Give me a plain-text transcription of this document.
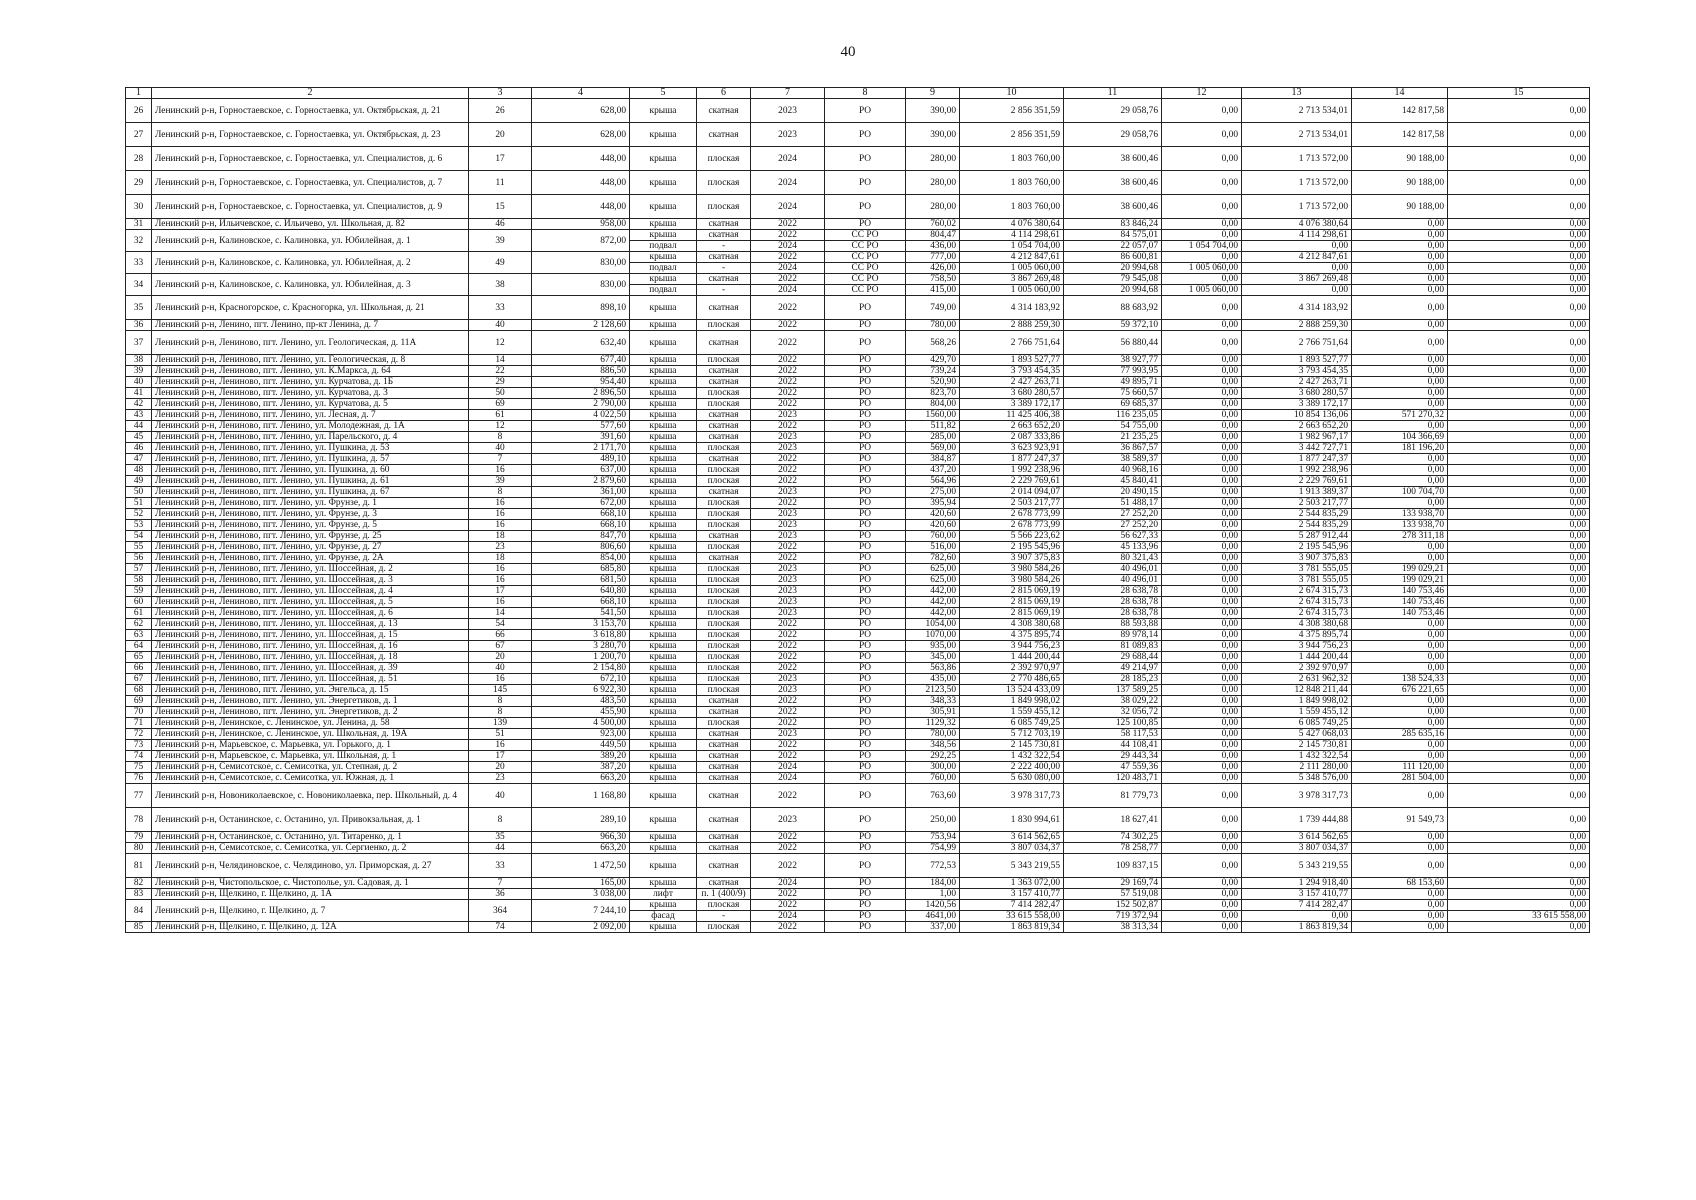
40
1	2	3	4	5	6	7	8	9	10	11	12	13	14	15
26	Ленинский р-н, Горностаевское, с. Горностаевка, ул. Октябрьская, д. 21	26	628,00	крыша	скатная	2023	РО	390,00	2 856 351,59	29 058,76	0,00	2 713 534,01	142 817,58	0,00
27	Ленинский р-н, Горностаевское, с. Горностаевка, ул. Октябрьская, д. 23	20	628,00	крыша	скатная	2023	РО	390,00	2 856 351,59	29 058,76	0,00	2 713 534,01	142 817,58	0,00
28	Ленинский р-н, Горностаевское, с. Горностаевка, ул. Специалистов, д. 6	17	448,00	крыша	плоская	2024	РО	280,00	1 803 760,00	38 600,46	0,00	1 713 572,00	90 188,00	0,00
29	Ленинский р-н, Горностаевское, с. Горностаевка, ул. Специалистов, д. 7	11	448,00	крыша	плоская	2024	РО	280,00	1 803 760,00	38 600,46	0,00	1 713 572,00	90 188,00	0,00
30	Ленинский р-н, Горностаевское, с. Горностаевка, ул. Специалистов, д. 9	15	448,00	крыша	плоская	2024	РО	280,00	1 803 760,00	38 600,46	0,00	1 713 572,00	90 188,00	0,00
31	Ленинский р-н, Ильичевское, с. Ильичево, ул. Школьная, д. 82	46	958,00	крыша	скатная	2022	РО	760,02	4 076 380,64	83 846,24	0,00	4 076 380,64	0,00	0,00
32	Ленинский р-н, Калиновское, с. Калиновка, ул. Юбилейная, д. 1	39	872,00	крыша	скатная	2022	СС РО	804,47	4 114 298,61	84 575,01	0,00	4 114 298,61	0,00	0,00
				подвал	-	2024	СС РО	436,00	1 054 704,00	22 057,07	1 054 704,00	0,00	0,00	0,00
33	Ленинский р-н, Калиновское, с. Калиновка, ул. Юбилейная, д. 2	49	830,00	крыша	скатная	2022	СС РО	777,00	4 212 847,61	86 600,81	0,00	4 212 847,61	0,00	0,00
				подвал	-	2024	СС РО	426,00	1 005 060,00	20 994,68	1 005 060,00	0,00	0,00	0,00
34	Ленинский р-н, Калиновское, с. Калиновка, ул. Юбилейная, д. 3	38	830,00	крыша	скатная	2022	СС РО	758,50	3 867 269,48	79 545,08	0,00	3 867 269,48	0,00	0,00
				подвал	-	2024	СС РО	415,00	1 005 060,00	20 994,68	1 005 060,00	0,00	0,00	0,00
35	Ленинский р-н, Красногорское, с. Красногорка, ул. Школьная, д. 21	33	898,10	крыша	скатная	2022	РО	749,00	4 314 183,92	88 683,92	0,00	4 314 183,92	0,00	0,00
36	Ленинский р-н, Ленино, пгт. Ленино, пр-кт Ленина, д. 7	40	2 128,60	крыша	плоская	2022	РО	780,00	2 888 259,30	59 372,10	0,00	2 888 259,30	0,00	0,00
37	Ленинский р-н, Лениново, пгт. Ленино, ул. Геологическая, д. 11А	12	632,40	крыша	скатная	2022	РО	568,26	2 766 751,64	56 880,44	0,00	2 766 751,64	0,00	0,00
38	Ленинский р-н, Лениново, пгт. Ленино, ул. Геологическая, д. 8	14	677,40	крыша	плоская	2022	РО	429,70	1 893 527,77	38 927,77	0,00	1 893 527,77	0,00	0,00
39	Ленинский р-н, Лениново, пгт. Ленино, ул. К.Маркса, д. 64	22	886,50	крыша	скатная	2022	РО	739,24	3 793 454,35	77 993,95	0,00	3 793 454,35	0,00	0,00
40	Ленинский р-н, Лениново, пгт. Ленино, ул. Курчатова, д. 1Б	29	954,40	крыша	скатная	2022	РО	520,90	2 427 263,71	49 895,71	0,00	2 427 263,71	0,00	0,00
41	Ленинский р-н, Лениново, пгт. Ленино, ул. Курчатова, д. 3	50	2 896,50	крыша	плоская	2022	РО	823,70	3 680 280,57	75 660,57	0,00	3 680 280,57	0,00	0,00
42	Ленинский р-н, Лениново, пгт. Ленино, ул. Курчатова, д. 5	69	2 790,00	крыша	плоская	2022	РО	804,00	3 389 172,17	69 685,37	0,00	3 389 172,17	0,00	0,00
43	Ленинский р-н, Лениново, пгт. Ленино, ул. Лесная, д. 7	61	4 022,50	крыша	скатная	2023	РО	1560,00	11 425 406,38	116 235,05	0,00	10 854 136,06	571 270,32	0,00
44	Ленинский р-н, Лениново, пгт. Ленино, ул. Молодежная, д. 1А	12	577,60	крыша	скатная	2022	РО	511,82	2 663 652,20	54 755,00	0,00	2 663 652,20	0,00	0,00
45	Ленинский р-н, Лениново, пгт. Ленино, ул. Парельского, д. 4	8	391,60	крыша	скатная	2023	РО	285,00	2 087 333,86	21 235,25	0,00	1 982 967,17	104 366,69	0,00
46	Ленинский р-н, Лениново, пгт. Ленино, ул. Пушкина, д. 53	40	2 171,70	крыша	плоская	2023	РО	569,00	3 623 923,91	36 867,57	0,00	3 442 727,71	181 196,20	0,00
47	Ленинский р-н, Лениново, пгт. Ленино, ул. Пушкина, д. 57	7	489,10	крыша	скатная	2022	РО	384,87	1 877 247,37	38 589,37	0,00	1 877 247,37	0,00	0,00
48	Ленинский р-н, Лениново, пгт. Ленино, ул. Пушкина, д. 60	16	637,00	крыша	плоская	2022	РО	437,20	1 992 238,96	40 968,16	0,00	1 992 238,96	0,00	0,00
49	Ленинский р-н, Лениново, пгт. Ленино, ул. Пушкина, д. 61	39	2 879,60	крыша	плоская	2022	РО	564,96	2 229 769,61	45 840,41	0,00	2 229 769,61	0,00	0,00
50	Ленинский р-н, Лениново, пгт. Ленино, ул. Пушкина, д. 67	8	361,00	крыша	скатная	2023	РО	275,00	2 014 094,07	20 490,15	0,00	1 913 389,37	100 704,70	0,00
51	Ленинский р-н, Лениново, пгт. Ленино, ул. Фрунзе, д. 1	16	672,00	крыша	плоская	2022	РО	395,94	2 503 217,77	51 488,17	0,00	2 503 217,77	0,00	0,00
52	Ленинский р-н, Лениново, пгт. Ленино, ул. Фрунзе, д. 3	16	668,10	крыша	плоская	2023	РО	420,60	2 678 773,99	27 252,20	0,00	2 544 835,29	133 938,70	0,00
53	Ленинский р-н, Лениново, пгт. Ленино, ул. Фрунзе, д. 5	16	668,10	крыша	плоская	2023	РО	420,60	2 678 773,99	27 252,20	0,00	2 544 835,29	133 938,70	0,00
54	Ленинский р-н, Лениново, пгт. Ленино, ул. Фрунзе, д. 25	18	847,70	крыша	скатная	2023	РО	760,00	5 566 223,62	56 627,33	0,00	5 287 912,44	278 311,18	0,00
55	Ленинский р-н, Лениново, пгт. Ленино, ул. Фрунзе, д. 27	23	806,60	крыша	плоская	2022	РО	516,00	2 195 545,96	45 133,96	0,00	2 195 545,96	0,00	0,00
56	Ленинский р-н, Лениново, пгт. Ленино, ул. Фрунзе, д. 2А	18	854,00	крыша	скатная	2022	РО	782,60	3 907 375,83	80 321,43	0,00	3 907 375,83	0,00	0,00
57	Ленинский р-н, Лениново, пгт. Ленино, ул. Шоссейная, д. 2	16	685,80	крыша	плоская	2023	РО	625,00	3 980 584,26	40 496,01	0,00	3 781 555,05	199 029,21	0,00
58	Ленинский р-н, Лениново, пгт. Ленино, ул. Шоссейная, д. 3	16	681,50	крыша	плоская	2023	РО	625,00	3 980 584,26	40 496,01	0,00	3 781 555,05	199 029,21	0,00
59	Ленинский р-н, Лениново, пгт. Ленино, ул. Шоссейная, д. 4	17	640,80	крыша	плоская	2023	РО	442,00	2 815 069,19	28 638,78	0,00	2 674 315,73	140 753,46	0,00
60	Ленинский р-н, Лениново, пгт. Ленино, ул. Шоссейная, д. 5	16	668,10	крыша	плоская	2023	РО	442,00	2 815 069,19	28 638,78	0,00	2 674 315,73	140 753,46	0,00
61	Ленинский р-н, Лениново, пгт. Ленино, ул. Шоссейная, д. 6	14	541,50	крыша	плоская	2023	РО	442,00	2 815 069,19	28 638,78	0,00	2 674 315,73	140 753,46	0,00
62	Ленинский р-н, Лениново, пгт. Ленино, ул. Шоссейная, д. 13	54	3 153,70	крыша	плоская	2022	РО	1054,00	4 308 380,68	88 593,88	0,00	4 308 380,68	0,00	0,00
63	Ленинский р-н, Лениново, пгт. Ленино, ул. Шоссейная, д. 15	66	3 618,80	крыша	плоская	2022	РО	1070,00	4 375 895,74	89 978,14	0,00	4 375 895,74	0,00	0,00
64	Ленинский р-н, Лениново, пгт. Ленино, ул. Шоссейная, д. 16	67	3 280,70	крыша	плоская	2022	РО	935,00	3 944 756,23	81 089,83	0,00	3 944 756,23	0,00	0,00
65	Ленинский р-н, Лениново, пгт. Ленино, ул. Шоссейная, д. 18	20	1 200,70	крыша	плоская	2022	РО	345,00	1 444 200,44	29 688,44	0,00	1 444 200,44	0,00	0,00
66	Ленинский р-н, Лениново, пгт. Ленино, ул. Шоссейная, д. 39	40	2 154,80	крыша	плоская	2022	РО	563,86	2 392 970,97	49 214,97	0,00	2 392 970,97	0,00	0,00
67	Ленинский р-н, Лениново, пгт. Ленино, ул. Шоссейная, д. 51	16	672,10	крыша	плоская	2023	РО	435,00	2 770 486,65	28 185,23	0,00	2 631 962,32	138 524,33	0,00
68	Ленинский р-н, Лениново, пгт. Ленино, ул. Энгельса, д. 15	145	6 922,30	крыша	плоская	2023	РО	2123,50	13 524 433,09	137 589,25	0,00	12 848 211,44	676 221,65	0,00
69	Ленинский р-н, Лениново, пгт. Ленино, ул. Энергетиков, д. 1	8	483,50	крыша	скатная	2022	РО	348,33	1 849 998,02	38 029,22	0,00	1 849 998,02	0,00	0,00
70	Ленинский р-н, Лениново, пгт. Ленино, ул. Энергетиков, д. 2	8	455,90	крыша	скатная	2022	РО	305,91	1 559 455,12	32 056,72	0,00	1 559 455,12	0,00	0,00
71	Ленинский р-н, Ленинское, с. Ленинское, ул. Ленина, д. 58	139	4 500,00	крыша	плоская	2022	РО	1129,32	6 085 749,25	125 100,85	0,00	6 085 749,25	0,00	0,00
72	Ленинский р-н, Ленинское, с. Ленинское, ул. Школьная, д. 19А	51	923,00	крыша	скатная	2023	РО	780,00	5 712 703,19	58 117,53	0,00	5 427 068,03	285 635,16	0,00
73	Ленинский р-н, Марьевское, с. Марьевка, ул. Горького, д. 1	16	449,50	крыша	скатная	2022	РО	348,56	2 145 730,81	44 108,41	0,00	2 145 730,81	0,00	0,00
74	Ленинский р-н, Марьевское, с. Марьевка, ул. Школьная, д. 1	17	389,20	крыша	скатная	2022	РО	292,25	1 432 322,54	29 443,34	0,00	1 432 322,54	0,00	0,00
75	Ленинский р-н, Семисотское, с. Семисотка, ул. Степная, д. 2	20	387,20	крыша	скатная	2024	РО	300,00	2 222 400,00	47 559,36	0,00	2 111 280,00	111 120,00	0,00
76	Ленинский р-н, Семисотское, с. Семисотка, ул. Южная, д. 1	23	663,20	крыша	скатная	2024	РО	760,00	5 630 080,00	120 483,71	0,00	5 348 576,00	281 504,00	0,00
77	Ленинский р-н, Новониколаевское, с. Новониколаевка, пер. Школьный, д. 4	40	1 168,80	крыша	скатная	2022	РО	763,60	3 978 317,73	81 779,73	0,00	3 978 317,73	0,00	0,00
78	Ленинский р-н, Останинское, с. Останино, ул. Привокзальная, д. 1	8	289,10	крыша	скатная	2023	РО	250,00	1 830 994,61	18 627,41	0,00	1 739 444,88	91 549,73	0,00
79	Ленинский р-н, Останинское, с. Останино, ул. Титаренко, д. 1	35	966,30	крыша	скатная	2022	РО	753,94	3 614 562,65	74 302,25	0,00	3 614 562,65	0,00	0,00
80	Ленинский р-н, Семисотское, с. Семисотка, ул. Сергиенко, д. 2	44	663,20	крыша	скатная	2022	РО	754,99	3 807 034,37	78 258,77	0,00	3 807 034,37	0,00	0,00
81	Ленинский р-н, Челядиновское, с. Челядиново, ул. Приморская, д. 27	33	1 472,50	крыша	скатная	2022	РО	772,53	5 343 219,55	109 837,15	0,00	5 343 219,55	0,00	0,00
82	Ленинский р-н, Чистопольское, с. Чистополье, ул. Садовая, д. 1	7	165,00	крыша	скатная	2024	РО	184,00	1 363 072,00	29 169,74	0,00	1 294 918,40	68 153,60	0,00
83	Ленинский р-н, Щелкино, г. Щелкино, д. 1А	36	3 038,00	лифт	п. 1 (400/9)	2022	РО	1,00	3 157 410,77	57 519,08	0,00	3 157 410,77	0,00	0,00
84	Ленинский р-н, Щелкино, г. Щелкино, д. 7	364	7 244,10	крыша	плоская	2022	РО	1420,56	7 414 282,47	152 502,87	0,00	7 414 282,47	0,00	0,00
				фасад	-	2024	РО	4641,00	33 615 558,00	719 372,94	0,00	0,00	0,00	33 615 558,00
85	Ленинский р-н, Щелкино, г. Щелкино, д. 12А	74	2 092,00	крыша	плоская	2022	РО	337,00	1 863 819,34	38 313,34	0,00	1 863 819,34	0,00	0,00
